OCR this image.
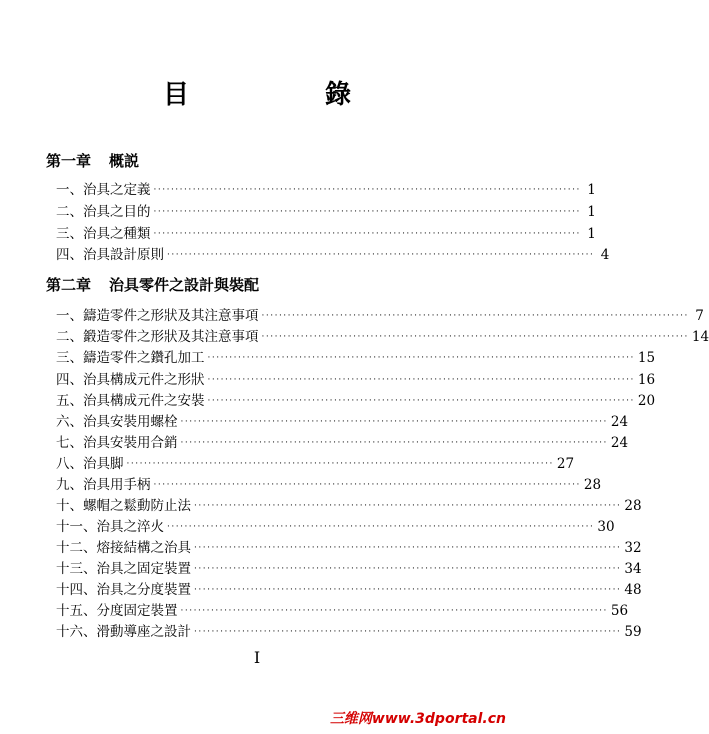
目　　錄
第一章 概説
一、 治具之定義 ·································································································· 1
二、 治具之目的 ·································································································· 1
三、 治具之種類 ·································································································· 1
四、 治具設計原則 ·································································································· 4
第二章 治具零件之設計與裝配
一、 鑄造零件之形狀及其注意事項 ·································································································· 7
二、 鍛造零件之形狀及其注意事項 ·································································································· 14
三、 鑄造零件之鑽孔加工 ·································································································· 15
四、 治具構成元件之形狀 ·································································································· 16
五、 治具構成元件之安裝 ·································································································· 20
六、 治具安裝用螺栓 ·································································································· 24
七、 治具安裝用合銷 ·································································································· 24
八、 治具脚 ·································································································· 27
九、 治具用手柄 ·································································································· 28
十、 螺帽之鬆動防止法 ·································································································· 28
十一、 治具之淬火 ·································································································· 30
十二、 熔接結構之治具 ·································································································· 32
十三、 治具之固定裝置 ·································································································· 34
十四、 治具之分度裝置 ·································································································· 48
十五、 分度固定裝置 ·································································································· 56
十六、 滑動導座之設計 ·································································································· 59
I
三维网www.3dportal.cn
